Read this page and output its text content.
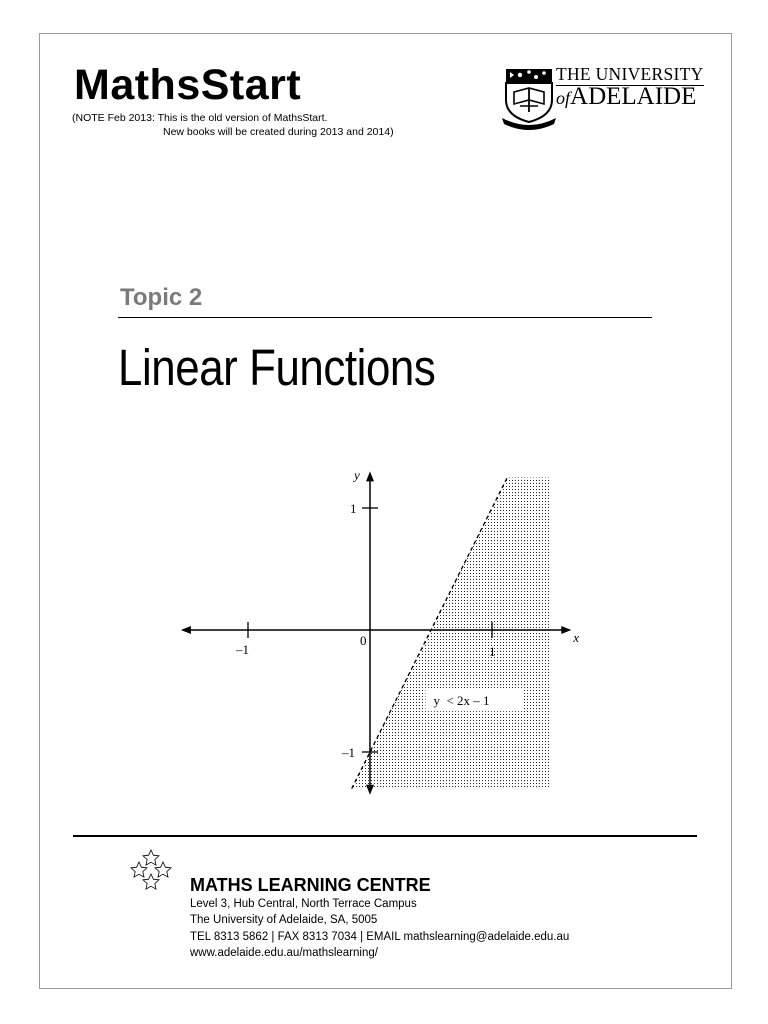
MathsStart
(NOTE Feb 2013: This is the old version of MathsStart.
New books will be created during 2013 and 2014)
THE UNIVERSITY
ofADELAIDE
Topic 2
Linear Functions
x
y
0
–1	1
1
–1
y  < 2x – 1
MATHS LEARNING CENTRE
Level 3, Hub Central, North Terrace Campus
The University of Adelaide, SA, 5005
TEL 8313 5862 | FAX 8313 7034 | EMAIL mathslearning@adelaide.edu.au
www.adelaide.edu.au/mathslearning/
